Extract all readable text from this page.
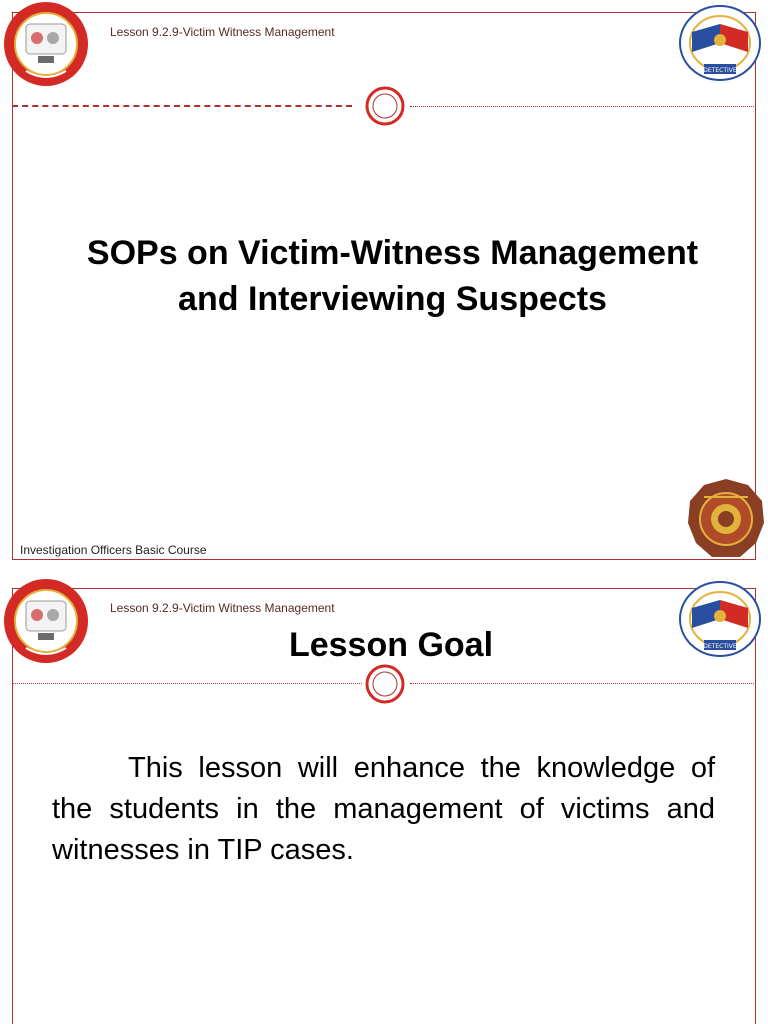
Lesson 9.2.9-Victim Witness Management
DETECTIVE
SOPs on Victim-Witness Management and Interviewing Suspects
Investigation Officers Basic Course
Lesson 9.2.9-Victim Witness Management
DETECTIVE
Lesson Goal
This lesson will enhance the knowledge of the students in the management of victims and witnesses in TIP cases.
